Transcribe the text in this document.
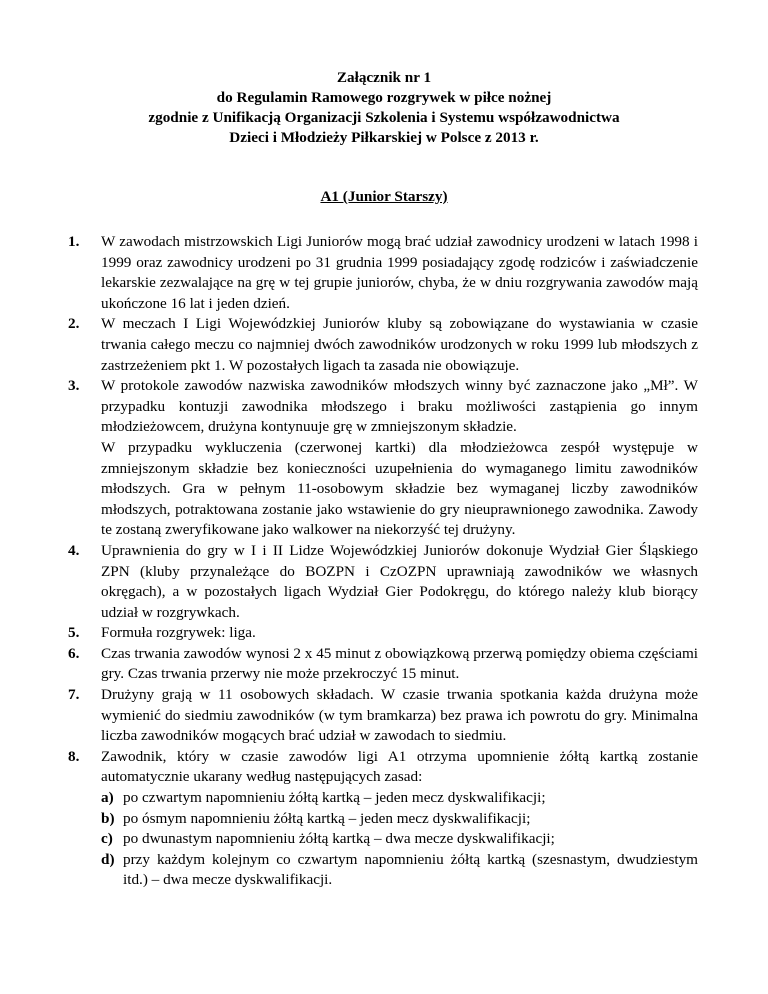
Załącznik nr 1
do Regulamin Ramowego rozgrywek w piłce nożnej
zgodnie z Unifikacją Organizacji Szkolenia i Systemu współzawodnictwa
Dzieci i Młodzieży Piłkarskiej w Polsce z 2013 r.
A1 (Junior Starszy)
1. W zawodach mistrzowskich Ligi Juniorów mogą brać udział zawodnicy urodzeni w latach 1998 i 1999 oraz zawodnicy urodzeni po 31 grudnia 1999 posiadający zgodę rodziców i zaświadczenie lekarskie zezwalające na grę w tej grupie juniorów, chyba, że w dniu rozgrywania zawodów mają ukończone 16 lat i jeden dzień.

2. W meczach I Ligi Wojewódzkiej Juniorów kluby są zobowiązane do wystawiania w czasie trwania całego meczu co najmniej dwóch zawodników urodzonych w roku 1999 lub młodszych z zastrzeżeniem pkt 1. W pozostałych ligach ta zasada nie obowiązuje.

3. W protokole zawodów nazwiska zawodników młodszych winny być zaznaczone jako „Mł”. W przypadku kontuzji zawodnika młodszego i braku możliwości zastąpienia go innym młodzieżowcem, drużyna kontynuuje grę w zmniejszonym składzie.

W przypadku wykluczenia (czerwonej kartki) dla młodzieżowca zespół występuje w zmniejszonym składzie bez konieczności uzupełnienia do wymaganego limitu zawodników młodszych. Gra w pełnym 11-osobowym składzie bez wymaganej liczby zawodników młodszych, potraktowana zostanie jako wstawienie do gry nieuprawnionego zawodnika. Zawody te zostaną zweryfikowane jako walkower na niekorzyść tej drużyny.

4. Uprawnienia do gry w I i II Lidze Wojewódzkiej Juniorów dokonuje Wydział Gier Śląskiego ZPN (kluby przynależące do BOZPN i CzOZPN uprawniają zawodników we własnych okręgach), a w pozostałych ligach Wydział Gier Podokręgu, do którego należy klub biorący udział w rozgrywkach.

5. Formuła rozgrywek: liga.

6. Czas trwania zawodów wynosi 2 x 45 minut z obowiązkową przerwą pomiędzy obiema częściami gry. Czas trwania przerwy nie może przekroczyć 15 minut.

7. Drużyny grają w 11 osobowych składach. W czasie trwania spotkania każda drużyna może wymienić do siedmiu zawodników (w tym bramkarza) bez prawa ich powrotu do gry. Minimalna liczba zawodników mogących brać udział w zawodach to siedmiu.

8. Zawodnik, który w czasie zawodów ligi A1 otrzyma upomnienie żółtą kartką zostanie automatycznie ukarany według następujących zasad:

a) po czwartym napomnieniu żółtą kartką – jeden mecz dyskwalifikacji;
b) po ósmym napomnieniu żółtą kartką – jeden mecz dyskwalifikacji;
c) po dwunastym napomnieniu żółtą kartką – dwa mecze dyskwalifikacji;
d) przy każdym kolejnym co czwartym napomnieniu żółtą kartką (szesnastym, dwudziestym itd.) – dwa mecze dyskwalifikacji.
